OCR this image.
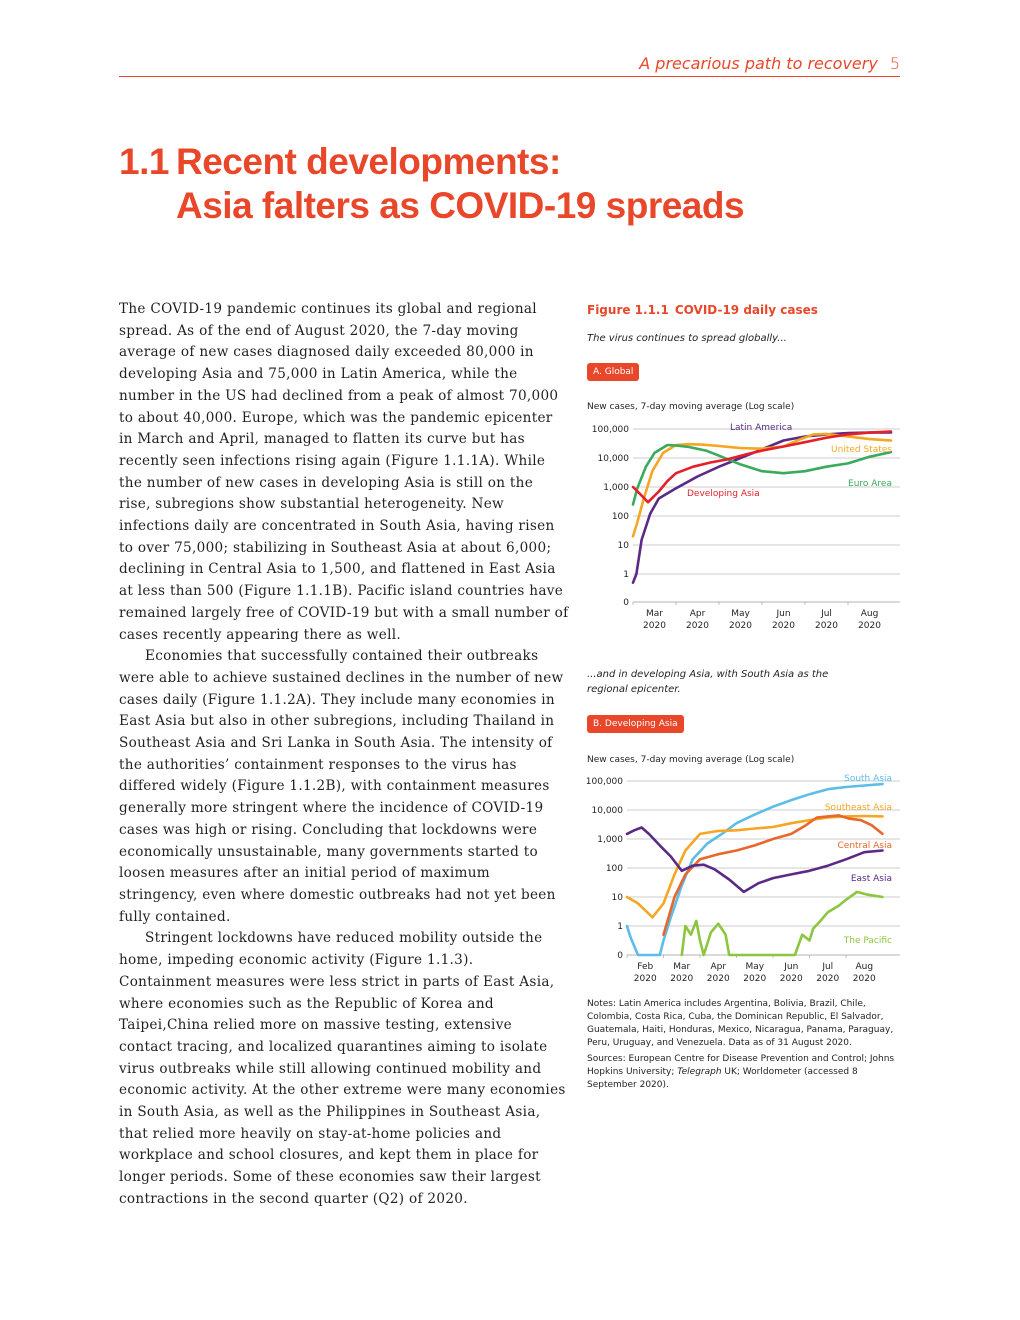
A precarious path to recovery 5
1.1 Recent developments:
Asia falters as COVID-19 spreads

The COVID-19 pandemic continues its global and regional spread. As of the end of August 2020, the 7-day moving average of new cases diagnosed daily exceeded 80,000 in developing Asia and 75,000 in Latin America, while the number in the US had declined from a peak of almost 70,000 to about 40,000. Europe, which was the pandemic epicenter in March and April, managed to flatten its curve but has recently seen infections rising again (Figure 1.1.1A). While the number of new cases in developing Asia is still on the rise, subregions show substantial heterogeneity. New infections daily are concentrated in South Asia, having risen to over 75,000; stabilizing in Southeast Asia at about 6,000; declining in Central Asia to 1,500, and flattened in East Asia at less than 500 (Figure 1.1.1B). Pacific island countries have remained largely free of COVID-19 but with a small number of cases recently appearing there as well.

Economies that successfully contained their outbreaks were able to achieve sustained declines in the number of new cases daily (Figure 1.1.2A). They include many economies in East Asia but also in other subregions, including Thailand in Southeast Asia and Sri Lanka in South Asia. The intensity of the authorities’ containment responses to the virus has differed widely (Figure 1.1.2B), with containment measures generally more stringent where the incidence of COVID-19 cases was high or rising. Concluding that lockdowns were economically unsustainable, many governments started to loosen measures after an initial period of maximum stringency, even where domestic outbreaks had not yet been fully contained.

Stringent lockdowns have reduced mobility outside the home, impeding economic activity (Figure 1.1.3). Containment measures were less strict in parts of East Asia, where economies such as the Republic of Korea and Taipei,China relied more on massive testing, extensive contact tracing, and localized quarantines aiming to isolate virus outbreaks while still allowing continued mobility and economic activity. At the other extreme were many economies in South Asia, as well as the Philippines in Southeast Asia, that relied more heavily on stay-at-home policies and workplace and school closures, and kept them in place for longer periods. Some of these economies saw their largest contractions in the second quarter (Q2) of 2020.

Figure 1.1.1 COVID-19 daily cases
The virus continues to spread globally...
A. Global
New cases, 7-day moving average (Log scale)
0
1
10
100
1,000
10,000
100,000
Mar
2020
Apr
2020
May
2020
Jun
2020
Jul
2020
Aug
2020
Latin America
United States
Euro Area
Developing Asia
...and in developing Asia, with South Asia as the regional epicenter.
B. Developing Asia
New cases, 7-day moving average (Log scale)
0
1
10
100
1,000
10,000
100,000
Feb
2020
Mar
2020
Apr
2020
May
2020
Jun
2020
Jul
2020
Aug
2020
South Asia
Southeast Asia
Central Asia
East Asia
The Pacific

Notes: Latin America includes Argentina, Bolivia, Brazil, Chile, Colombia, Costa Rica, Cuba, the Dominican Republic, El Salvador, Guatemala, Haiti, Honduras, Mexico, Nicaragua, Panama, Paraguay, Peru, Uruguay, and Venezuela. Data as of 31 August 2020.

Sources: European Centre for Disease Prevention and Control; Johns Hopkins University; Telegraph UK; Worldometer (accessed 8 September 2020).
